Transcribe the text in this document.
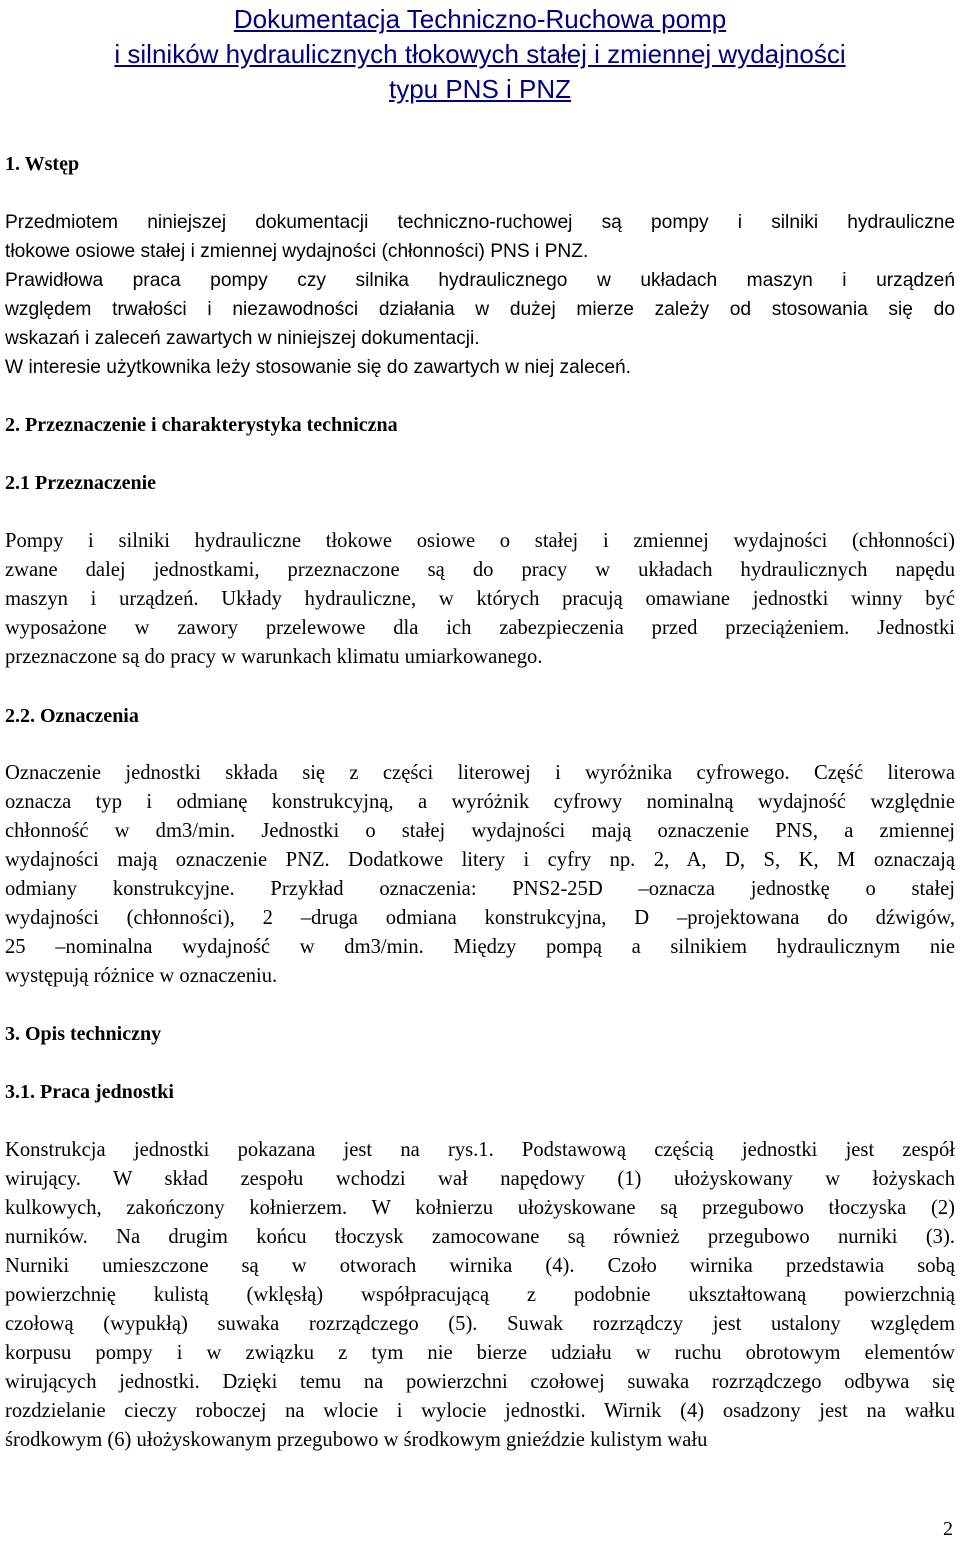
Dokumentacja Techniczno-Ruchowa pomp
i silników hydraulicznych tłokowych stałej i zmiennej wydajności
typu PNS i PNZ
1. Wstęp
Przedmiotem niniejszej dokumentacji techniczno-ruchowej są pompy i silniki hydrauliczne
tłokowe osiowe stałej i zmiennej wydajności (chłonności) PNS i PNZ.
Prawidłowa praca pompy czy silnika hydraulicznego w układach maszyn i urządzeń
względem trwałości i niezawodności działania w dużej mierze zależy od stosowania się do
wskazań i zaleceń zawartych w niniejszej dokumentacji.
W interesie użytkownika leży stosowanie się do zawartych w niej zaleceń.
2. Przeznaczenie i charakterystyka techniczna
2.1 Przeznaczenie
Pompy i silniki hydrauliczne tłokowe osiowe o stałej i zmiennej wydajności (chłonności)
zwane dalej jednostkami, przeznaczone są do pracy w układach hydraulicznych napędu
maszyn i urządzeń. Układy hydrauliczne, w których pracują omawiane jednostki winny być
wyposażone w zawory przelewowe dla ich zabezpieczenia przed przeciążeniem. Jednostki
przeznaczone są do pracy w warunkach klimatu umiarkowanego.
2.2. Oznaczenia
Oznaczenie jednostki składa się z części literowej i wyróżnika cyfrowego. Część literowa
oznacza typ i odmianę konstrukcyjną, a wyróżnik cyfrowy nominalną wydajność względnie
chłonność w dm3/min. Jednostki o stałej wydajności mają oznaczenie PNS, a zmiennej
wydajności mają oznaczenie PNZ. Dodatkowe litery i cyfry np. 2, A, D, S, K, M oznaczają
odmiany konstrukcyjne. Przykład oznaczenia: PNS2-25D –oznacza jednostkę o stałej
wydajności (chłonności), 2 –druga odmiana konstrukcyjna, D –projektowana do dźwigów,
25 –nominalna wydajność w dm3/min. Między pompą a silnikiem hydraulicznym nie
występują różnice w oznaczeniu.
3. Opis techniczny
3.1. Praca jednostki
Konstrukcja jednostki pokazana jest na rys.1. Podstawową częścią jednostki jest zespół
wirujący. W skład zespołu wchodzi wał napędowy (1) ułożyskowany w łożyskach
kulkowych, zakończony kołnierzem. W kołnierzu ułożyskowane są przegubowo tłoczyska (2)
nurników. Na drugim końcu tłoczysk zamocowane są również przegubowo nurniki (3).
Nurniki umieszczone są w otworach wirnika (4). Czoło wirnika przedstawia sobą
powierzchnię kulistą (wklęsłą) współpracującą z podobnie ukształtowaną powierzchnią
czołową (wypukłą) suwaka rozrządczego (5). Suwak rozrządczy jest ustalony względem
korpusu pompy i w związku z tym nie bierze udziału w ruchu obrotowym elementów
wirujących jednostki. Dzięki temu na powierzchni czołowej suwaka rozrządczego odbywa się
rozdzielanie cieczy roboczej na wlocie i wylocie jednostki. Wirnik (4) osadzony jest na wałku
środkowym (6) ułożyskowanym przegubowo w środkowym gnieździe kulistym wału
2
